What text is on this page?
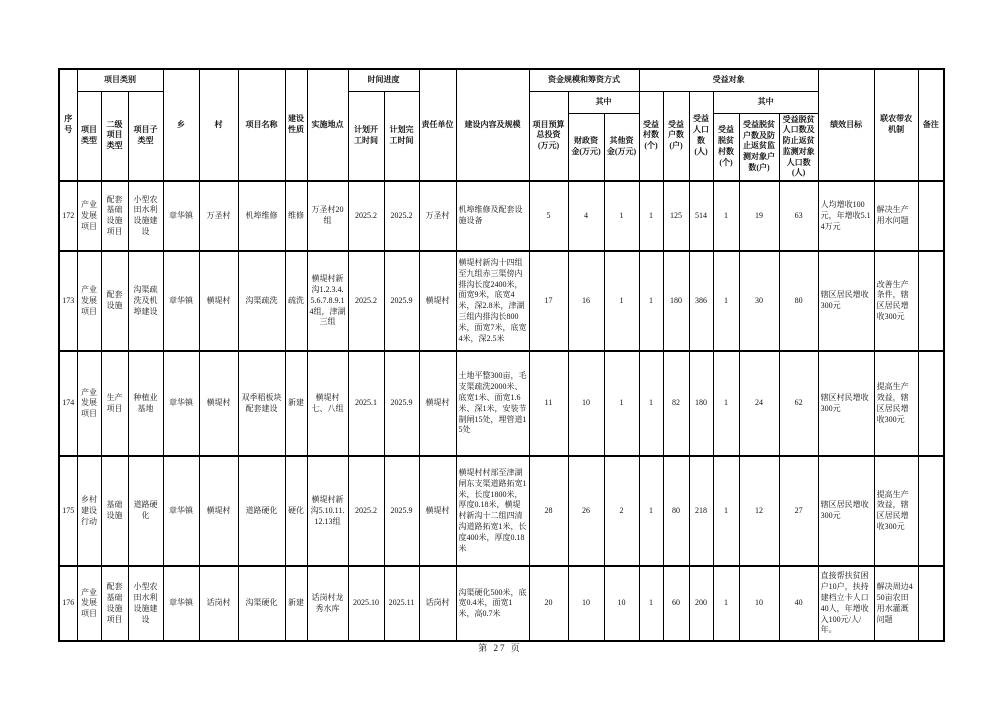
序号	项目类别			乡	村	项目名称	建设性质	实施地点	时间进度		责任单位	建设内容及规模	资金规模和筹资方式			受益对象						绩效目标	联农带农机制	备注
	项目类型	二级项目类型	项目子类型						计划开工时间	计划完工时间			项目预算总投资(万元)	其中		受益村数(个)	受益户数(户)	受益人口数(人)	其中					
														财政资金(万元)	其他资金(万元)				受益脱贫村数(个)	受益脱贫户数及防止返贫监测对象户数(户)	受益脱贫人口数及防止返贫监测对象人口数(人)			
172	产业发展项目	配套基础设施项目	小型农田水利设施建设	章华镇	万圣村	机埠维修	维修	万圣村20组	2025.2	2025.2	万圣村	机埠维修及配套设施设备	5	4	1	1	125	514	1	19	63	人均增收100元，年增收5.14万元	解决生产用水问题	
173	产业发展项目	配套设施	沟渠疏洗及机埠建设	章华镇	横堤村	沟渠疏洗	疏洗	横堤村新沟1.2.3.4.5.6.7.8.9.14组，津湖三组	2025.2	2025.9	横堤村	横堤村新沟十四组至九组赤三渠傍内排沟长度2400米，面宽9米，底宽4米，深2.8米，津湖三组内排沟长800米，面宽7米，底宽4米，深2.5米	17	16	1	1	180	386	1	30	80	辖区居民增收300元	改善生产条件，辖区居民增收300元	
174	产业发展项目	生产项目	种植业基地	章华镇	横堤村	双季稻板块配套建设	新建	横堤村七、八组	2025.1	2025.9	横堤村	土地平整300亩，毛支渠疏洗2000米、底宽1米、面宽1.6米、深1米，安装节制闸15处，埋管道15处	11	10	1	1	82	180	1	24	62	辖区村民增收300元	提高生产效益，辖区居民增收300元	
175	乡村建设行动	基础设施	道路硬化	章华镇	横堤村	道路硬化	硬化	横堤村新沟5.10.11.12.13组	2025.2	2025.9	横堤村	横堤村村部至津湖闸东支渠道路拓宽1米，长度1800米，厚度0.18米，横堤村新沟十二组四清沟道路拓宽1米，长度400米，厚度0.18米	28	26	2	1	80	218	1	12	27	辖区居民增收300元	提高生产效益，辖区居民增收300元	
176	产业发展项目	配套基础设施项目	小型农田水利设施建设	章华镇	话岗村	沟渠硬化	新建	话岗村龙秀水库	2025.10	2025.11	话岗村	沟渠硬化500米，底宽0.4米，面宽1米，高0.7米	20	10	10	1	60	200	1	10	40	直接帮扶贫困户10户，扶持建档立卡人口40人，年增收入100元/人/年。	解决周边450亩农田用水灌溉问题	
第 27 页
